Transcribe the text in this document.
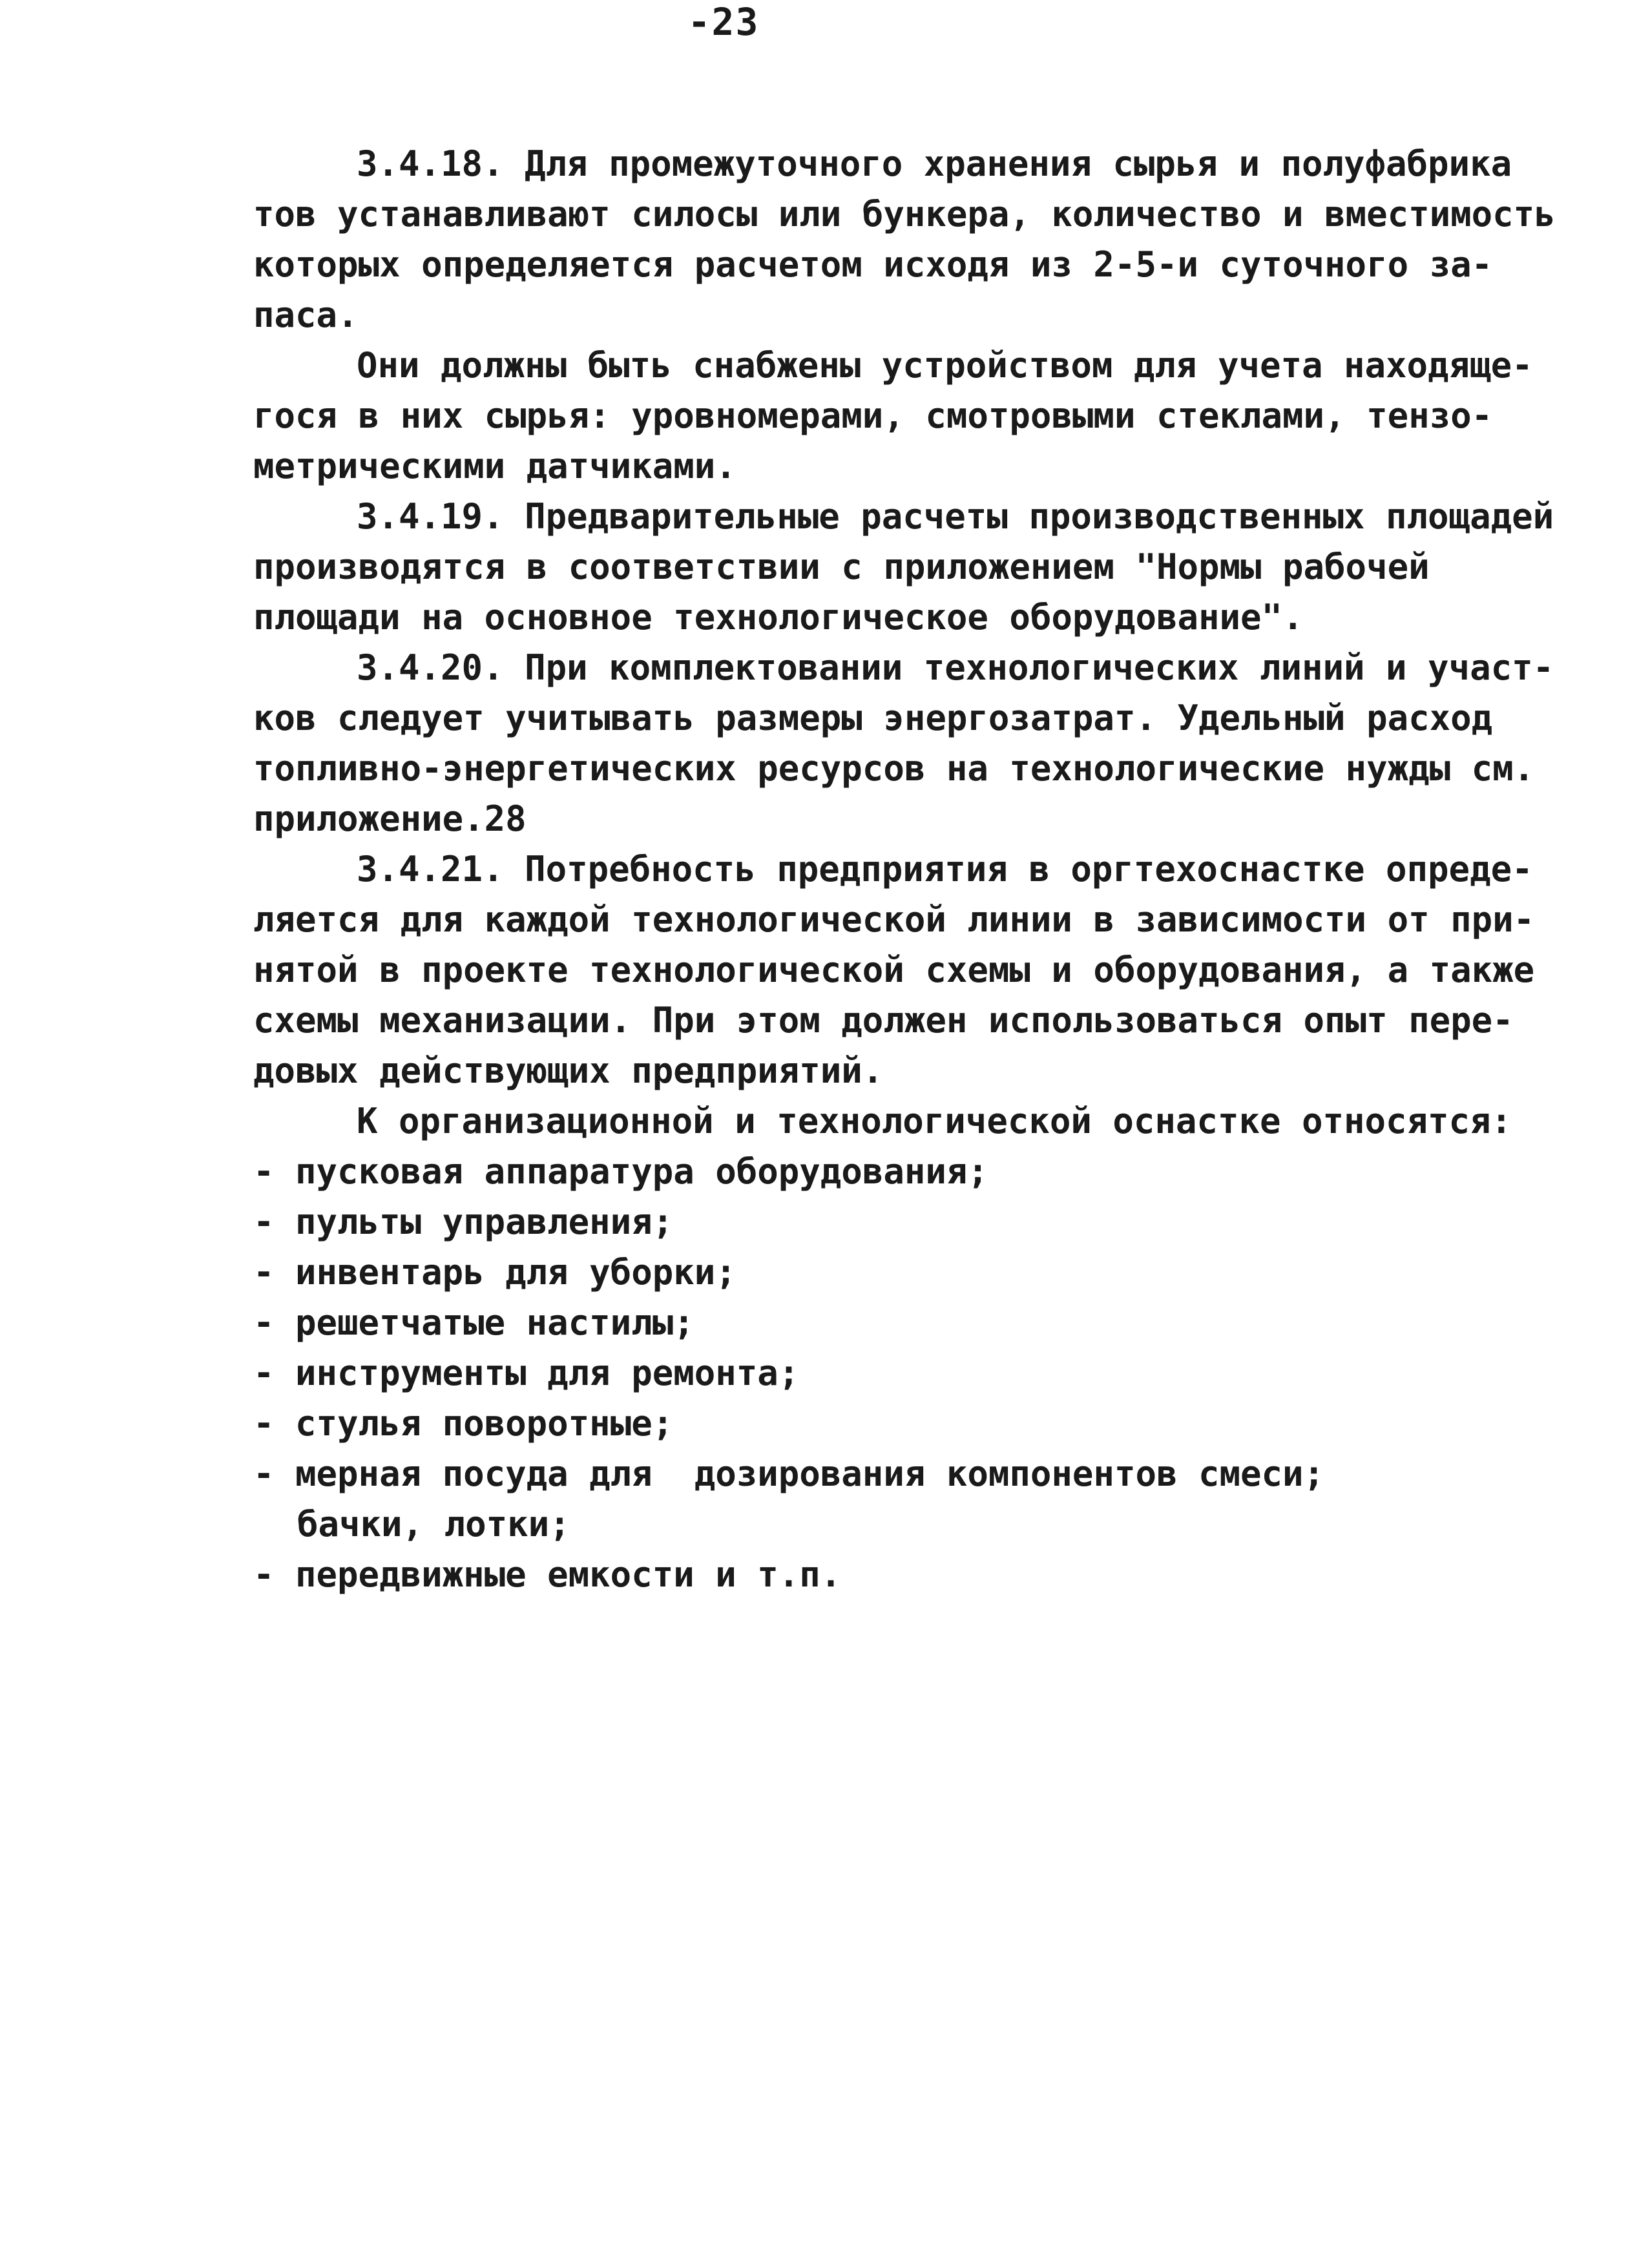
-23
3.4.18. Для промежуточного хранения сырья и полуфабрика
тов устанавливают силосы или бункера, количество и вместимость
которых определяется расчетом исходя из 2-5-и суточного за-
паса.
Они должны быть снабжены устройством для учета находяще-
гося в них сырья: уровномерами, смотровыми стеклами, тензо-
метрическими датчиками.
3.4.19. Предварительные расчеты производственных площадей
производятся в соответствии с приложением "Нормы рабочей
площади на основное технологическое оборудование".
3.4.20. При комплектовании технологических линий и участ-
ков следует учитывать размеры энергозатрат. Удельный расход
топливно-энергетических ресурсов на технологические нужды см.
приложение.28
3.4.21. Потребность предприятия в оргтехоснастке опреде-
ляется для каждой технологической линии в зависимости от при-
нятой в проекте технологической схемы и оборудования, а также
схемы механизации. При этом должен использоваться опыт пере-
довых действующих предприятий.
К организационной и технологической оснастке относятся:
- пусковая аппаратура оборудования;
- пульты управления;
- инвентарь для уборки;
- решетчатые настилы;
- инструменты для ремонта;
- стулья поворотные;
- мерная посуда для  дозирования компонентов смеси;
бачки, лотки;
- передвижные емкости и т.п.
